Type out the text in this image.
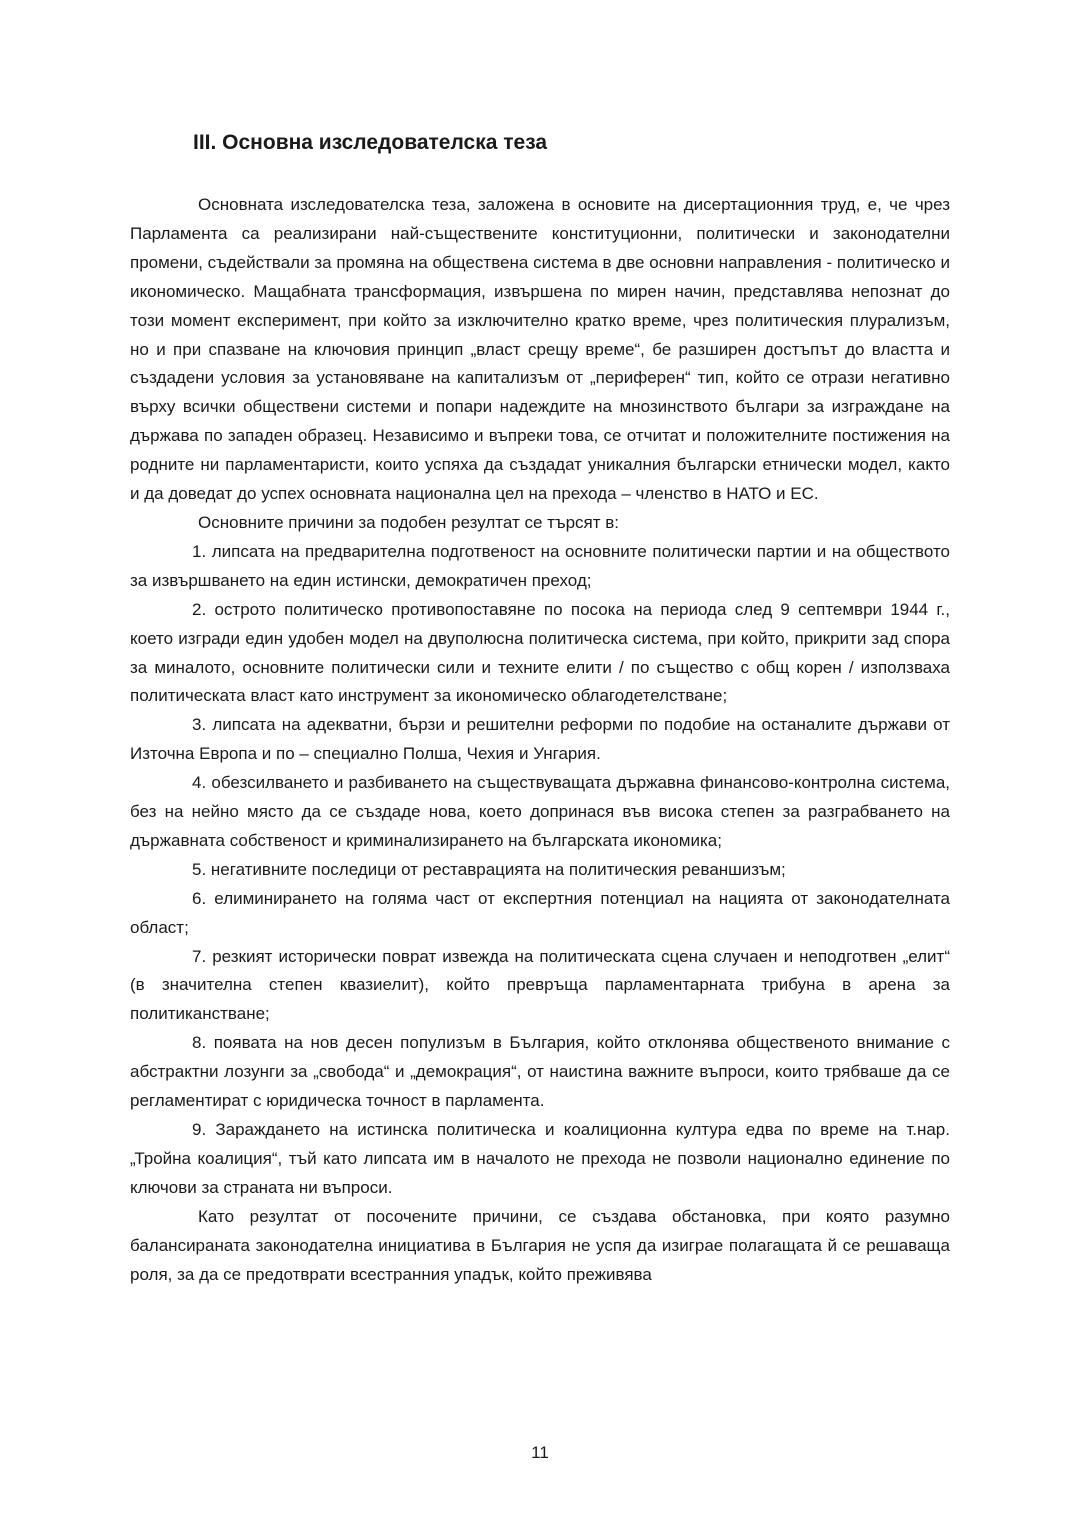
III. Основна изследователска теза

Основната изследователска теза, заложена в основите на дисертационния труд, е, че чрез Парламента са реализирани най-съществените конституционни, политически и законодателни промени, съдействали за промяна на обществена система в две основни направления - политическо и икономическо. Мащабната трансформация, извършена по мирен начин, представлява непознат до този момент експеримент, при който за изключително кратко време, чрез политическия плурализъм, но и при спазване на ключовия принцип „власт срещу време“, бе разширен достъпът до властта и създадени условия за установяване на капитализъм от „периферен“ тип, който се отрази негативно върху всички обществени системи и попари надеждите на мнозинството българи за изграждане на държава по западен образец. Независимо и въпреки това, се отчитат и положителните постижения на родните ни парламентаристи, които успяха да създадат уникалния български етнически модел, както и да доведат до успех основната национална цел на прехода – членство в НАТО и ЕС.

Основните причини за подобен резултат се търсят в:

1. липсата на предварителна подготвеност на основните политически партии и на обществото за извършването на един истински, демократичен преход;

2. острото политическо противопоставяне по посока на периода след 9 септември 1944 г., което изгради един удобен модел на двуполюсна политическа система, при който, прикрити зад спора за миналото, основните политически сили и техните елити / по същество с общ корен / използваха политическата власт като инструмент за икономическо облагодетелстване;

3. липсата на адекватни, бързи и решителни реформи по подобие на останалите държави от Източна Европа и по – специално Полша, Чехия и Унгария.

4. обезсилването и разбиването на съществуващата държавна финансово-контролна система, без на нейно място да се създаде нова, което допринася във висока степен за разграбването на държавната собственост и криминализирането на българската икономика;

5. негативните последици от реставрацията на политическия реваншизъм;

6. елиминирането на голяма част от експертния потенциал на нацията от законодателната област;

7. резкият исторически поврат извежда на политическата сцена случаен и неподготвен „елит“ (в значителна степен квазиелит), който превръща парламентарната трибуна в арена за политиканстване;

8. появата на нов десен популизъм в България, който отклонява общественото внимание с абстрактни лозунги за „свобода“ и „демокрация“, от наистина важните въпроси, които трябваше да се регламентират с юридическа точност в парламента.

9. Зараждането на истинска политическа и коалиционна култура едва по време на т.нар. „Тройна коалиция“, тъй като липсата им в началото не прехода не позволи национално единение по ключови за страната ни въпроси.

Като резултат от посочените причини, се създава обстановка, при която разумно балансираната законодателна инициатива в България не успя да изиграе полагащата й се решаваща роля, за да се предотврати всестранния упадък, който преживява

11
